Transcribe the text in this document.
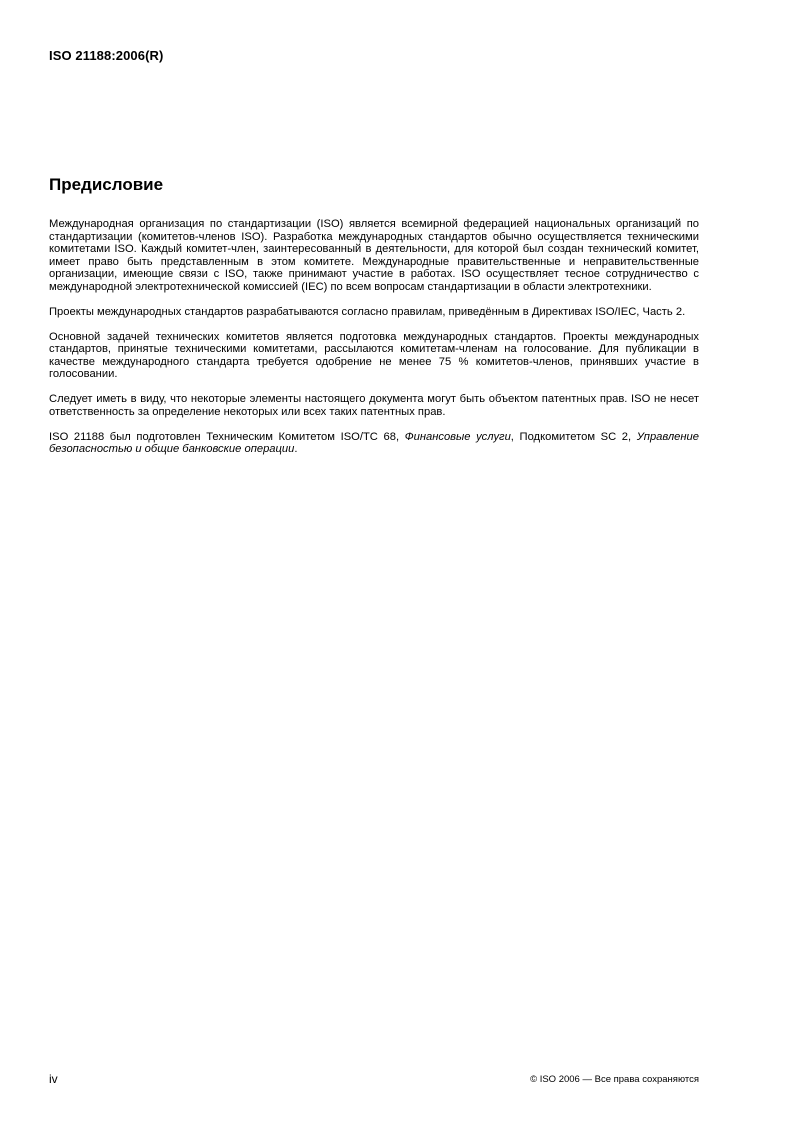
ISO 21188:2006(R)
Предисловие

Международная организация по стандартизации (ISO) является всемирной федерацией национальных организаций по стандартизации (комитетов-членов ISO). Разработка международных стандартов обычно осуществляется техническими комитетами ISO. Каждый комитет-член, заинтересованный в деятельности, для которой был создан технический комитет, имеет право быть представленным в этом комитете. Международные правительственные и неправительственные организации, имеющие связи с ISO, также принимают участие в работах. ISO осуществляет тесное сотрудничество с международной электротехнической комиссией (IEC) по всем вопросам стандартизации в области электротехники.

Проекты международных стандартов разрабатываются согласно правилам, приведённым в Директивах ISO/IEC, Часть 2.

Основной задачей технических комитетов является подготовка международных стандартов. Проекты международных стандартов, принятые техническими комитетами, рассылаются комитетам-членам на голосование. Для публикации в качестве международного стандарта требуется одобрение не менее 75 % комитетов-членов, принявших участие в голосовании.

Следует иметь в виду, что некоторые элементы настоящего документа могут быть объектом патентных прав. ISO не несет ответственность за определение некоторых или всех таких патентных прав.

ISO 21188 был подготовлен Техническим Комитетом ISO/TC 68, Финансовые услуги, Подкомитетом SC 2, Управление безопасностью и общие банковские операции.

iv	© ISO 2006 — Все права сохраняются
